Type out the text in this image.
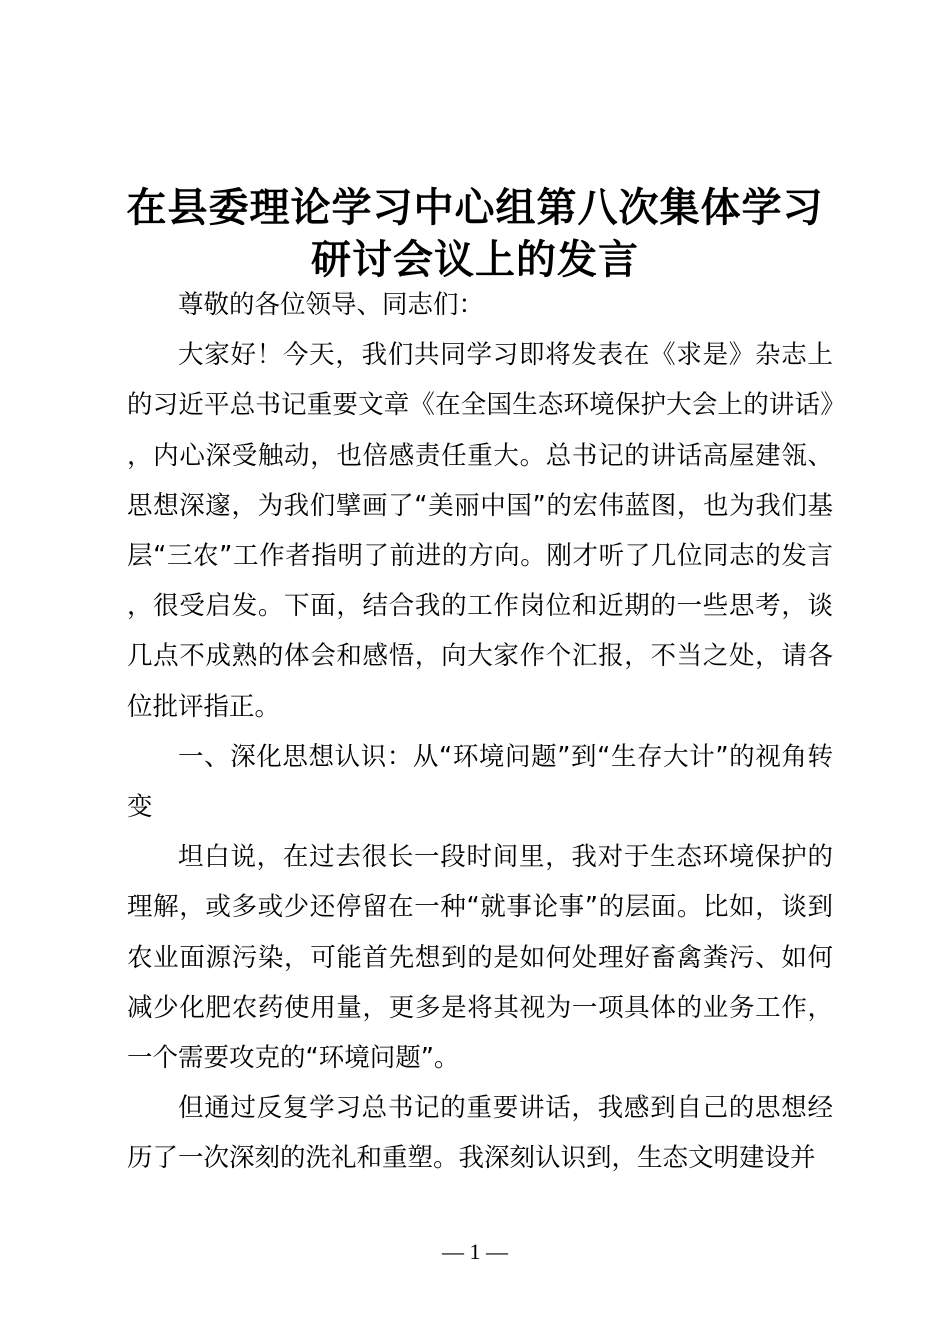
在县委理论学习中心组第八次集体学习
研讨会议上的发言

尊敬的各位领导、同志们：

大家好！今天，我们共同学习即将发表在《求是》杂志上的习近平总书记重要文章《在全国生态环境保护大会上的讲话》，内心深受触动，也倍感责任重大。总书记的讲话高屋建瓴、思想深邃，为我们擘画了“美丽中国”的宏伟蓝图，也为我们基层“三农”工作者指明了前进的方向。刚才听了几位同志的发言，很受启发。下面，结合我的工作岗位和近期的一些思考，谈几点不成熟的体会和感悟，向大家作个汇报，不当之处，请各位批评指正。

一、深化思想认识：从“环境问题”到“生存大计”的视角转变

坦白说，在过去很长一段时间里，我对于生态环境保护的理解，或多或少还停留在一种“就事论事”的层面。比如，谈到农业面源污染，可能首先想到的是如何处理好畜禽粪污、如何减少化肥农药使用量，更多是将其视为一项具体的业务工作，一个需要攻克的“环境问题”。

但通过反复学习总书记的重要讲话，我感到自己的思想经历了一次深刻的洗礼和重塑。我深刻认识到，生态文明建设并

— 1 —
